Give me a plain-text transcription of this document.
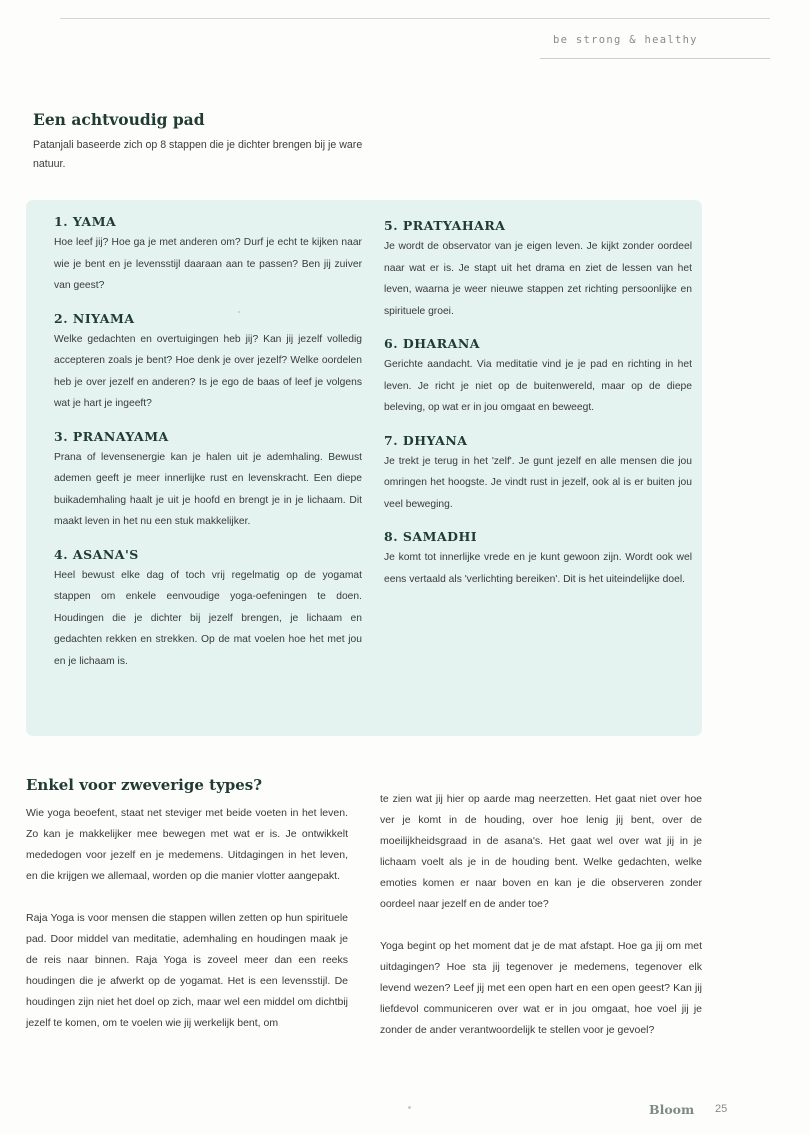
be strong & healthy
Een achtvoudig pad

Patanjali baseerde zich op 8 stappen die je dichter brengen bij je ware natuur.

1. YAMA
Hoe leef jij? Hoe ga je met anderen om? Durf je echt te kijken naar wie je bent en je levensstijl daaraan aan te passen? Ben jij zuiver van geest?
2. NIYAMA
Welke gedachten en overtuigingen heb jij? Kan jij jezelf volledig accepteren zoals je bent? Hoe denk je over jezelf? Welke oordelen heb je over jezelf en anderen? Is je ego de baas of leef je volgens wat je hart je ingeeft?
3. PRANAYAMA
Prana of levensenergie kan je halen uit je ademhaling. Bewust ademen geeft je meer innerlijke rust en levenskracht. Een diepe buikademhaling haalt je uit je hoofd en brengt je in je lichaam. Dit maakt leven in het nu een stuk makkelijker.
4. ASANA'S
Heel bewust elke dag of toch vrij regelmatig op de yogamat stappen om enkele eenvoudige yoga-oefeningen te doen. Houdingen die je dichter bij jezelf brengen, je lichaam en gedachten rekken en strekken. Op de mat voelen hoe het met jou en je lichaam is.
5. PRATYAHARA
Je wordt de observator van je eigen leven. Je kijkt zonder oordeel naar wat er is. Je stapt uit het drama en ziet de lessen van het leven, waarna je weer nieuwe stappen zet richting persoonlijke en spirituele groei.
6. DHARANA
Gerichte aandacht. Via meditatie vind je je pad en richting in het leven. Je richt je niet op de buitenwereld, maar op de diepe beleving, op wat er in jou omgaat en beweegt.
7. DHYANA
Je trekt je terug in het 'zelf'. Je gunt jezelf en alle mensen die jou omringen het hoogste. Je vindt rust in jezelf, ook al is er buiten jou veel beweging.
8. SAMADHI
Je komt tot innerlijke vrede en je kunt gewoon zijn. Wordt ook wel eens vertaald als 'verlichting bereiken'. Dit is het uiteindelijke doel.
Enkel voor zweverige types?

Wie yoga beoefent, staat net steviger met beide voeten in het leven. Zo kan je makkelijker mee bewegen met wat er is. Je ontwikkelt mededogen voor jezelf en je medemens. Uitdagingen in het leven, en die krijgen we allemaal, worden op die manier vlotter aangepakt.

Raja Yoga is voor mensen die stappen willen zetten op hun spirituele pad. Door middel van meditatie, ademhaling en houdingen maak je de reis naar binnen. Raja Yoga is zoveel meer dan een reeks houdingen die je afwerkt op de yogamat. Het is een levensstijl. De houdingen zijn niet het doel op zich, maar wel een middel om dichtbij jezelf te komen, om te voelen wie jij werkelijk bent, om

te zien wat jij hier op aarde mag neerzetten. Het gaat niet over hoe ver je komt in de houding, over hoe lenig jij bent, over de moeilijkheidsgraad in de asana's. Het gaat wel over wat jij in je lichaam voelt als je in de houding bent. Welke gedachten, welke emoties komen er naar boven en kan je die observeren zonder oordeel naar jezelf en de ander toe?

Yoga begint op het moment dat je de mat afstapt. Hoe ga jij om met uitdagingen? Hoe sta jij tegenover je medemens, tegenover elk levend wezen? Leef jij met een open hart en een open geest? Kan jij liefdevol communiceren over wat er in jou omgaat, hoe voel jij je zonder de ander verantwoordelijk te stellen voor je gevoel?

Bloom 25
